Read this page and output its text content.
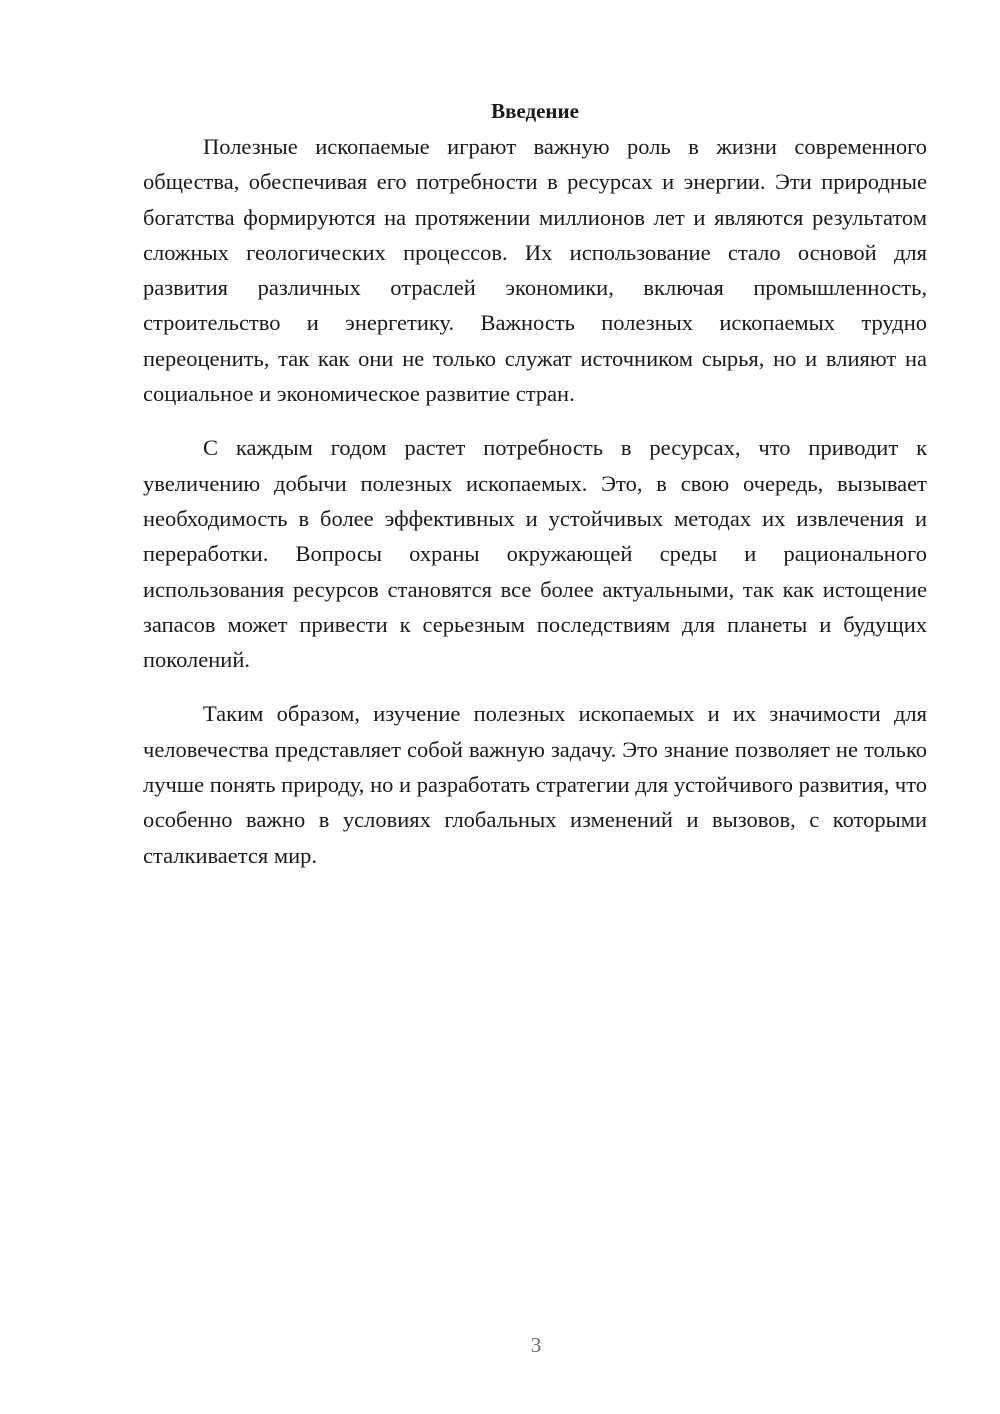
Введение

Полезные ископаемые играют важную роль в жизни современного общества, обеспечивая его потребности в ресурсах и энергии. Эти природные богатства формируются на протяжении миллионов лет и являются результатом сложных геологических процессов. Их использование стало основой для развития различных отраслей экономики, включая промышленность, строительство и энергетику. Важность полезных ископаемых трудно переоценить, так как они не только служат источником сырья, но и влияют на социальное и экономическое развитие стран.

С каждым годом растет потребность в ресурсах, что приводит к увеличению добычи полезных ископаемых. Это, в свою очередь, вызывает необходимость в более эффективных и устойчивых методах их извлечения и переработки. Вопросы охраны окружающей среды и рационального использования ресурсов становятся все более актуальными, так как истощение запасов может привести к серьезным последствиям для планеты и будущих поколений.

Таким образом, изучение полезных ископаемых и их значимости для человечества представляет собой важную задачу. Это знание позволяет не только лучше понять природу, но и разработать стратегии для устойчивого развития, что особенно важно в условиях глобальных изменений и вызовов, с которыми сталкивается мир.

3
